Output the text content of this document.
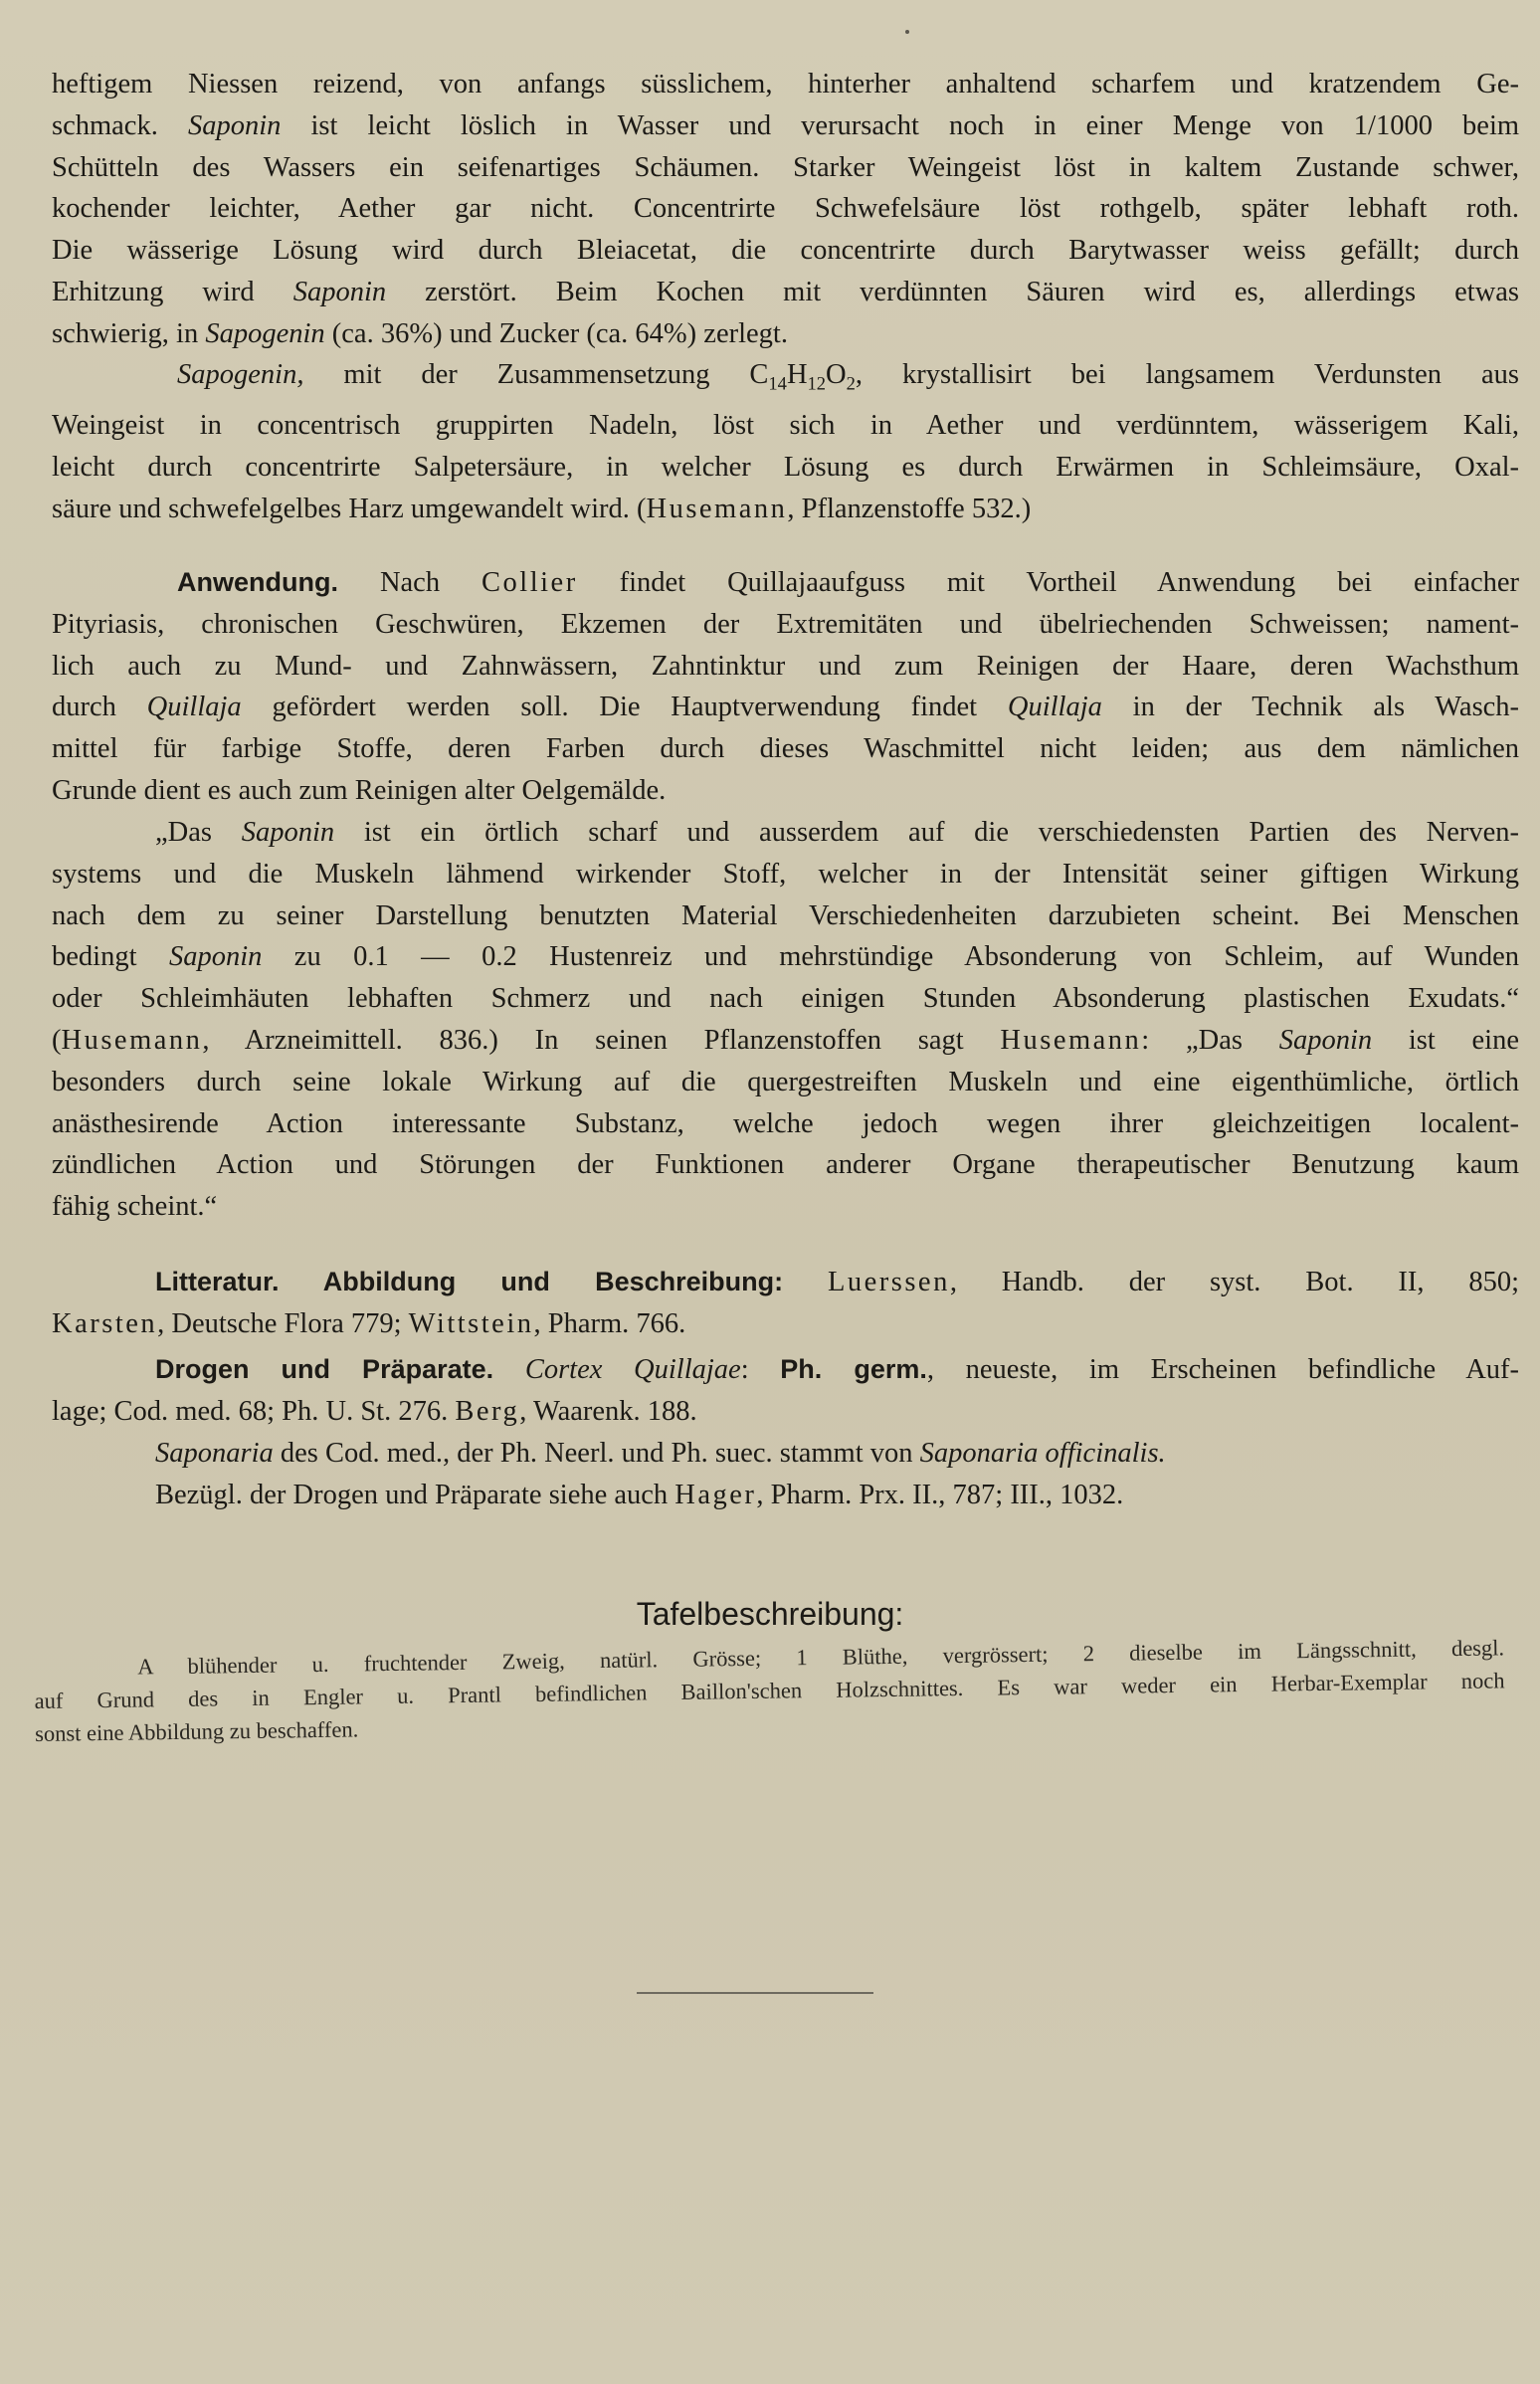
heftigem Niessen reizend, von anfangs süsslichem, hinterher anhaltend scharfem und kratzendem Ge-

schmack. Saponin ist leicht löslich in Wasser und verursacht noch in einer Menge von 1/1000 beim

Schütteln des Wassers ein seifenartiges Schäumen. Starker Weingeist löst in kaltem Zustande schwer,

kochender leichter, Aether gar nicht. Concentrirte Schwefelsäure löst rothgelb, später lebhaft roth.

Die wässerige Lösung wird durch Bleiacetat, die concentrirte durch Barytwasser weiss gefällt; durch

Erhitzung wird Saponin zerstört. Beim Kochen mit verdünnten Säuren wird es, allerdings etwas

schwierig, in Sapogenin (ca. 36%) und Zucker (ca. 64%) zerlegt.

Sapogenin, mit der Zusammensetzung $C_{14}H_{12}O_2$, krystallisirt bei langsamem Verdunsten aus

Weingeist in concentrisch gruppirten Nadeln, löst sich in Aether und verdünntem, wässerigem Kali,

leicht durch concentrirte Salpetersäure, in welcher Lösung es durch Erwärmen in Schleimsäure, Oxal-

säure und schwefelgelbes Harz umgewandelt wird. (Husemann, Pflanzenstoffe 532.)

Anwendung. Nach Collier findet Quillajaaufguss mit Vortheil Anwendung bei einfacher

Pityriasis, chronischen Geschwüren, Ekzemen der Extremitäten und übelriechenden Schweissen; nament-

lich auch zu Mund- und Zahnwässern, Zahntinktur und zum Reinigen der Haare, deren Wachsthum

durch Quillaja gefördert werden soll. Die Hauptverwendung findet Quillaja in der Technik als Wasch-

mittel für farbige Stoffe, deren Farben durch dieses Waschmittel nicht leiden; aus dem nämlichen

Grunde dient es auch zum Reinigen alter Oelgemälde.

„Das Saponin ist ein örtlich scharf und ausserdem auf die verschiedensten Partien des Nerven-

systems und die Muskeln lähmend wirkender Stoff, welcher in der Intensität seiner giftigen Wirkung

nach dem zu seiner Darstellung benutzten Material Verschiedenheiten darzubieten scheint. Bei Menschen

bedingt Saponin zu 0.1 — 0.2 Hustenreiz und mehrstündige Absonderung von Schleim, auf Wunden

oder Schleimhäuten lebhaften Schmerz und nach einigen Stunden Absonderung plastischen Exudats.“

(Husemann, Arzneimittell. 836.) In seinen Pflanzenstoffen sagt Husemann: „Das Saponin ist eine

besonders durch seine lokale Wirkung auf die quergestreiften Muskeln und eine eigenthümliche, örtlich

anästhesirende Action interessante Substanz, welche jedoch wegen ihrer gleichzeitigen localent-

zündlichen Action und Störungen der Funktionen anderer Organe therapeutischer Benutzung kaum

fähig scheint.“

Litteratur. Abbildung und Beschreibung: Luerssen, Handb. der syst. Bot. II, 850;

Karsten, Deutsche Flora 779; Wittstein, Pharm. 766.

Drogen und Präparate. Cortex Quillajae: Ph. germ., neueste, im Erscheinen befindliche Auf-

lage; Cod. med. 68; Ph. U. St. 276. Berg, Waarenk. 188.

Saponaria des Cod. med., der Ph. Neerl. und Ph. suec. stammt von Saponaria officinalis.

Bezügl. der Drogen und Präparate siehe auch Hager, Pharm. Prx. II., 787; III., 1032.

Tafelbeschreibung:

A blühender u. fruchtender Zweig, natürl. Grösse; 1 Blüthe, vergrössert; 2 dieselbe im Längsschnitt, desgl.

auf Grund des in Engler u. Prantl befindlichen Baillon'schen Holzschnittes. Es war weder ein Herbar-Exemplar noch

sonst eine Abbildung zu beschaffen.
